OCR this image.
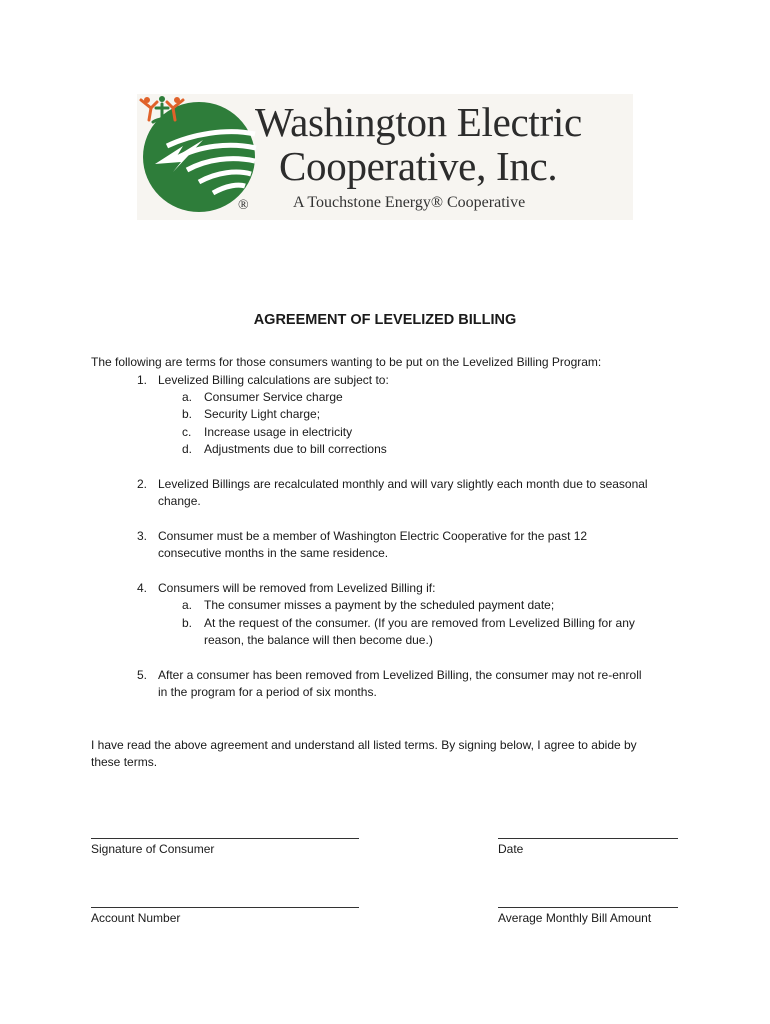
Washington Electric
Cooperative, Inc.
®	A Touchstone Energy® Cooperative
AGREEMENT OF LEVELIZED BILLING
The following are terms for those consumers wanting to be put on the Levelized Billing Program:
1. Levelized Billing calculations are subject to:
a. Consumer Service charge
b. Security Light charge;
c. Increase usage in electricity
d. Adjustments due to bill corrections
2. Levelized Billings are recalculated monthly and will vary slightly each month due to seasonal
change.
3. Consumer must be a member of Washington Electric Cooperative for the past 12
consecutive months in the same residence.
4. Consumers will be removed from Levelized Billing if:
a. The consumer misses a payment by the scheduled payment date;
b. At the request of the consumer. (If you are removed from Levelized Billing for any
reason, the balance will then become due.)
5. After a consumer has been removed from Levelized Billing, the consumer may not re-enroll
in the program for a period of six months.
I have read the above agreement and understand all listed terms. By signing below, I agree to abide by
these terms.
Signature of Consumer	Date
Account Number	Average Monthly Bill Amount
